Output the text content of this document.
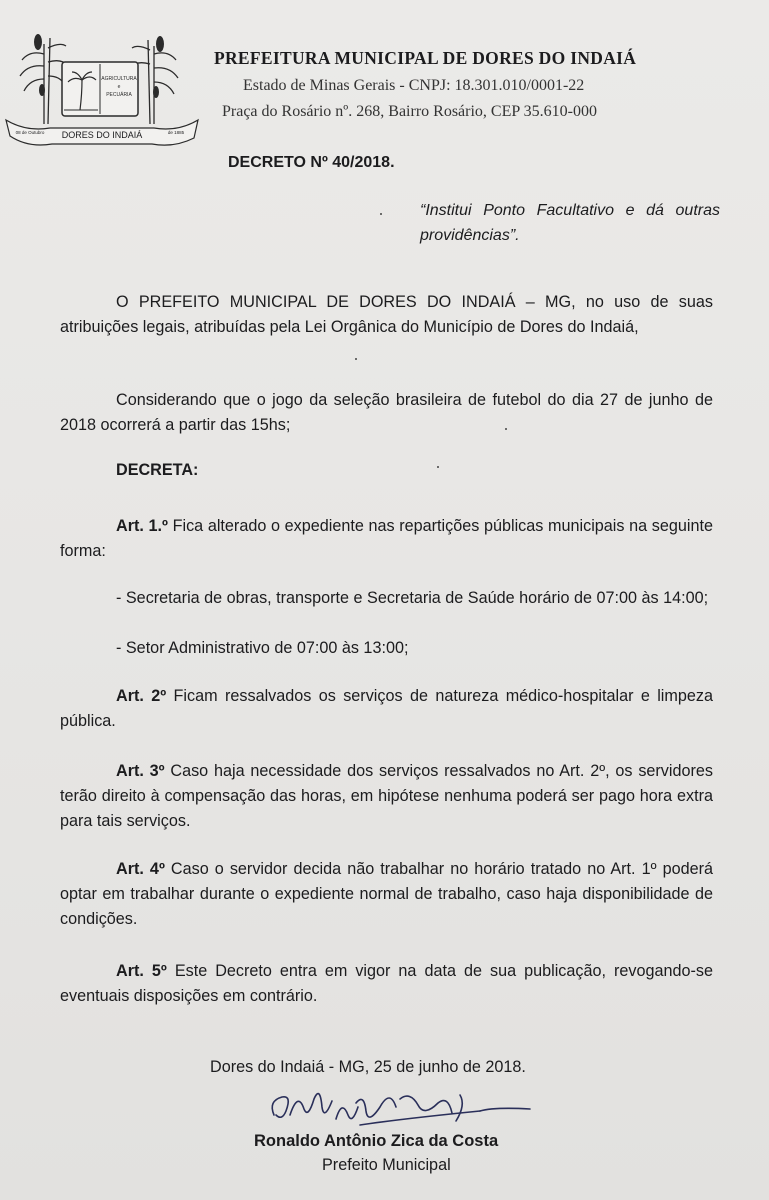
AGRICULTURA
e
PECUÁRIA
DORES DO INDAIÁ
08 de Outubro	de 1885
PREFEITURA MUNICIPAL DE DORES DO INDAIÁ
Estado de Minas Gerais - CNPJ: 18.301.010/0001-22
Praça do Rosário nº. 268, Bairro Rosário, CEP 35.610-000
DECRETO Nº 40/2018.
“Institui Ponto Facultativo e dá outras providências”.
O PREFEITO MUNICIPAL DE DORES DO INDAIÁ – MG, no uso de suas atribuições legais, atribuídas pela Lei Orgânica do Município de Dores do Indaiá,
Considerando que o jogo da seleção brasileira de futebol do dia 27 de junho de 2018 ocorrerá a partir das 15hs;
DECRETA:
Art. 1.º Fica alterado o expediente nas repartições públicas municipais na seguinte forma:
- Secretaria de obras, transporte e Secretaria de Saúde horário de 07:00 às 14:00;
- Setor Administrativo de 07:00 às 13:00;
Art. 2º Ficam ressalvados os serviços de natureza médico-hospitalar e limpeza pública.
Art. 3º Caso haja necessidade dos serviços ressalvados no Art. 2º, os servidores terão direito à compensação das horas, em hipótese nenhuma poderá ser pago hora extra para tais serviços.
Art. 4º Caso o servidor decida não trabalhar no horário tratado no Art. 1º poderá optar em trabalhar durante o expediente normal de trabalho, caso haja disponibilidade de condições.
Art. 5º Este Decreto entra em vigor na data de sua publicação, revogando-se eventuais disposições em contrário.
Dores do Indaiá - MG, 25 de junho de 2018.
Ronaldo Antônio Zica da Costa
Prefeito Municipal
